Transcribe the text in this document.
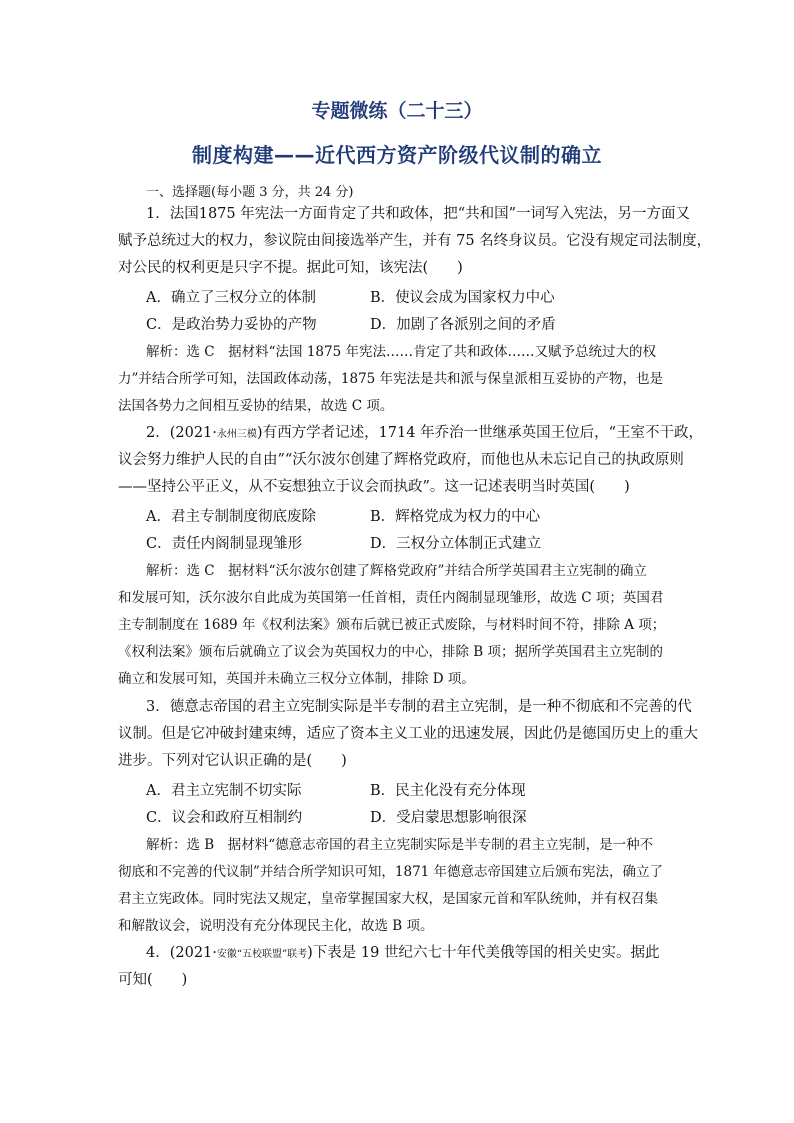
专题微练（二十三）
制度构建——近代西方资产阶级代议制的确立
一、选择题(每小题 3 分，共 24 分)
1．法国1875 年宪法一方面肯定了共和政体，把“共和国”一词写入宪法，另一方面又
赋予总统过大的权力，参议院由间接选举产生，并有 75 名终身议员。它没有规定司法制度，
对公民的权利更是只字不提。据此可知，该宪法(　　)
A．确立了三权分立的体制	B．使议会成为国家权力中心
C．是政治势力妥协的产物	D．加剧了各派别之间的矛盾
解析：选 C　据材料“法国 1875 年宪法……肯定了共和政体……又赋予总统过大的权
力”并结合所学可知，法国政体动荡，1875 年宪法是共和派与保皇派相互妥协的产物，也是
法国各势力之间相互妥协的结果，故选 C 项。
2．(2021·永州三模)有西方学者记述，1714 年乔治一世继承英国王位后，“王室不干政，
议会努力维护人民的自由”“沃尔波尔创建了辉格党政府，而他也从未忘记自己的执政原则
——坚持公平正义，从不妄想独立于议会而执政”。这一记述表明当时英国(　　)
A．君主专制制度彻底废除	B．辉格党成为权力的中心
C．责任内阁制显现雏形	D．三权分立体制正式建立
解析：选 C　据材料“沃尔波尔创建了辉格党政府”并结合所学英国君主立宪制的确立
和发展可知，沃尔波尔自此成为英国第一任首相，责任内阁制显现雏形，故选 C 项；英国君
主专制制度在 1689 年《权利法案》颁布后就已被正式废除，与材料时间不符，排除 A 项；
《权利法案》颁布后就确立了议会为英国权力的中心，排除 B 项；据所学英国君主立宪制的
确立和发展可知，英国并未确立三权分立体制，排除 D 项。
3．德意志帝国的君主立宪制实际是半专制的君主立宪制，是一种不彻底和不完善的代
议制。但是它冲破封建束缚，适应了资本主义工业的迅速发展，因此仍是德国历史上的重大
进步。下列对它认识正确的是(　　)
A．君主立宪制不切实际	B．民主化没有充分体现
C．议会和政府互相制约	D．受启蒙思想影响很深
解析：选 B　据材料“德意志帝国的君主立宪制实际是半专制的君主立宪制，是一种不
彻底和不完善的代议制”并结合所学知识可知，1871 年德意志帝国建立后颁布宪法，确立了
君主立宪政体。同时宪法又规定，皇帝掌握国家大权，是国家元首和军队统帅，并有权召集
和解散议会，说明没有充分体现民主化，故选 B 项。
4．(2021·安徽“五校联盟”联考)下表是 19 世纪六七十年代美俄等国的相关史实。据此
可知(　　)
